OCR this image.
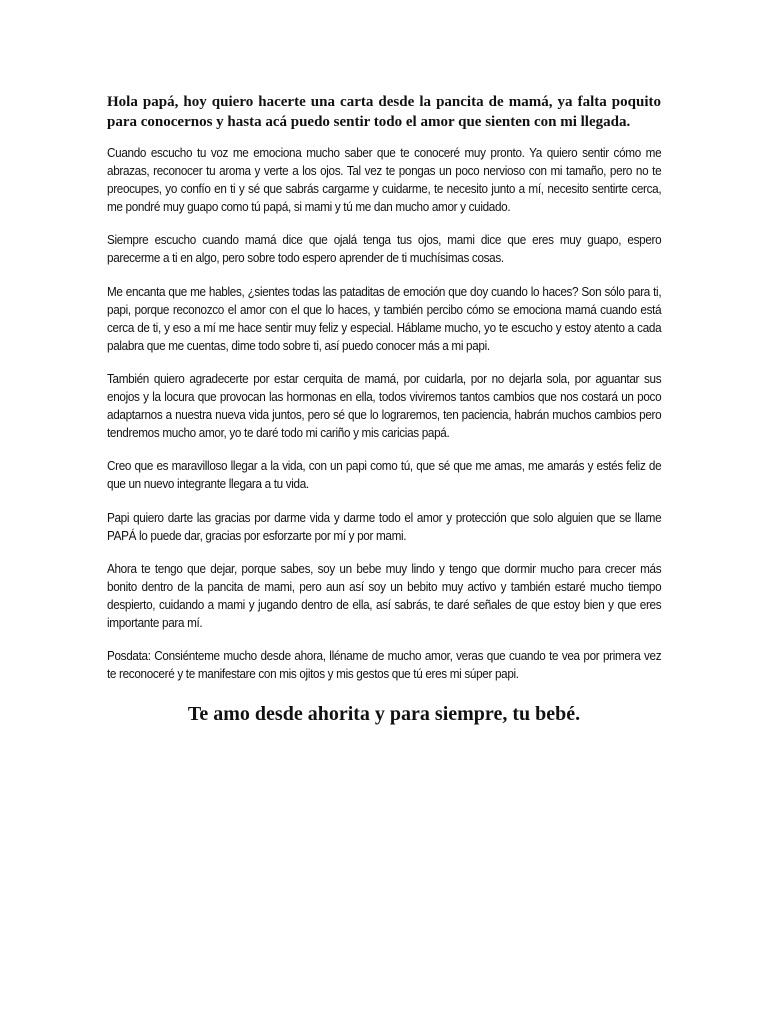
Hola papá, hoy quiero hacerte una carta desde la pancita de mamá, ya falta poquito para conocernos y hasta acá puedo sentir todo el amor que sienten con mi llegada.

Cuando escucho tu voz me emociona mucho saber que te conoceré muy pronto. Ya quiero sentir cómo me abrazas, reconocer tu aroma y verte a los ojos. Tal vez te pongas un poco nervioso con mi tamaño, pero no te preocupes, yo confío en ti y sé que sabrás cargarme y cuidarme, te necesito junto a mí, necesito sentirte cerca, me pondré muy guapo como tú papá, si mami y tú me dan mucho amor y cuidado.

Siempre escucho cuando mamá dice que ojalá tenga tus ojos, mami dice que eres muy guapo, espero parecerme a ti en algo, pero sobre todo espero aprender de ti muchísimas cosas.

Me encanta que me hables, ¿sientes todas las pataditas de emoción que doy cuando lo haces? Son sólo para ti, papi, porque reconozco el amor con el que lo haces, y también percibo cómo se emociona mamá cuando está cerca de ti, y eso a mí me hace sentir muy feliz y especial. Háblame mucho, yo te escucho y estoy atento a cada palabra que me cuentas, dime todo sobre ti, así puedo conocer más a mi papi.

También quiero agradecerte por estar cerquita de mamá, por cuidarla, por no dejarla sola, por aguantar sus enojos y la locura que provocan las hormonas en ella, todos viviremos tantos cambios que nos costará un poco adaptarnos a nuestra nueva vida juntos, pero sé que lo lograremos, ten paciencia, habrán muchos cambios pero tendremos mucho amor, yo te daré todo mi cariño y mis caricias papá.

Creo que es maravilloso llegar a la vida, con un papi como tú, que sé que me amas, me amarás y estés feliz de que un nuevo integrante llegara a tu vida.

Papi quiero darte las gracias por darme vida y darme todo el amor y protección que solo alguien que se llame PAPÁ lo puede dar, gracias por esforzarte por mí y por mami.

Ahora te tengo que dejar, porque sabes, soy un bebe muy lindo y tengo que dormir mucho para crecer más bonito dentro de la pancita de mami, pero aun así soy un bebito muy activo y también estaré mucho tiempo despierto, cuidando a mami y jugando dentro de ella, así sabrás, te daré señales de que estoy bien y que eres importante para mí.

Posdata: Consiénteme mucho desde ahora, lléname de mucho amor, veras que cuando te vea por primera vez te reconoceré y te manifestare con mis ojitos y mis gestos que tú eres mi súper papi.

Te amo desde ahorita y para siempre, tu bebé.
